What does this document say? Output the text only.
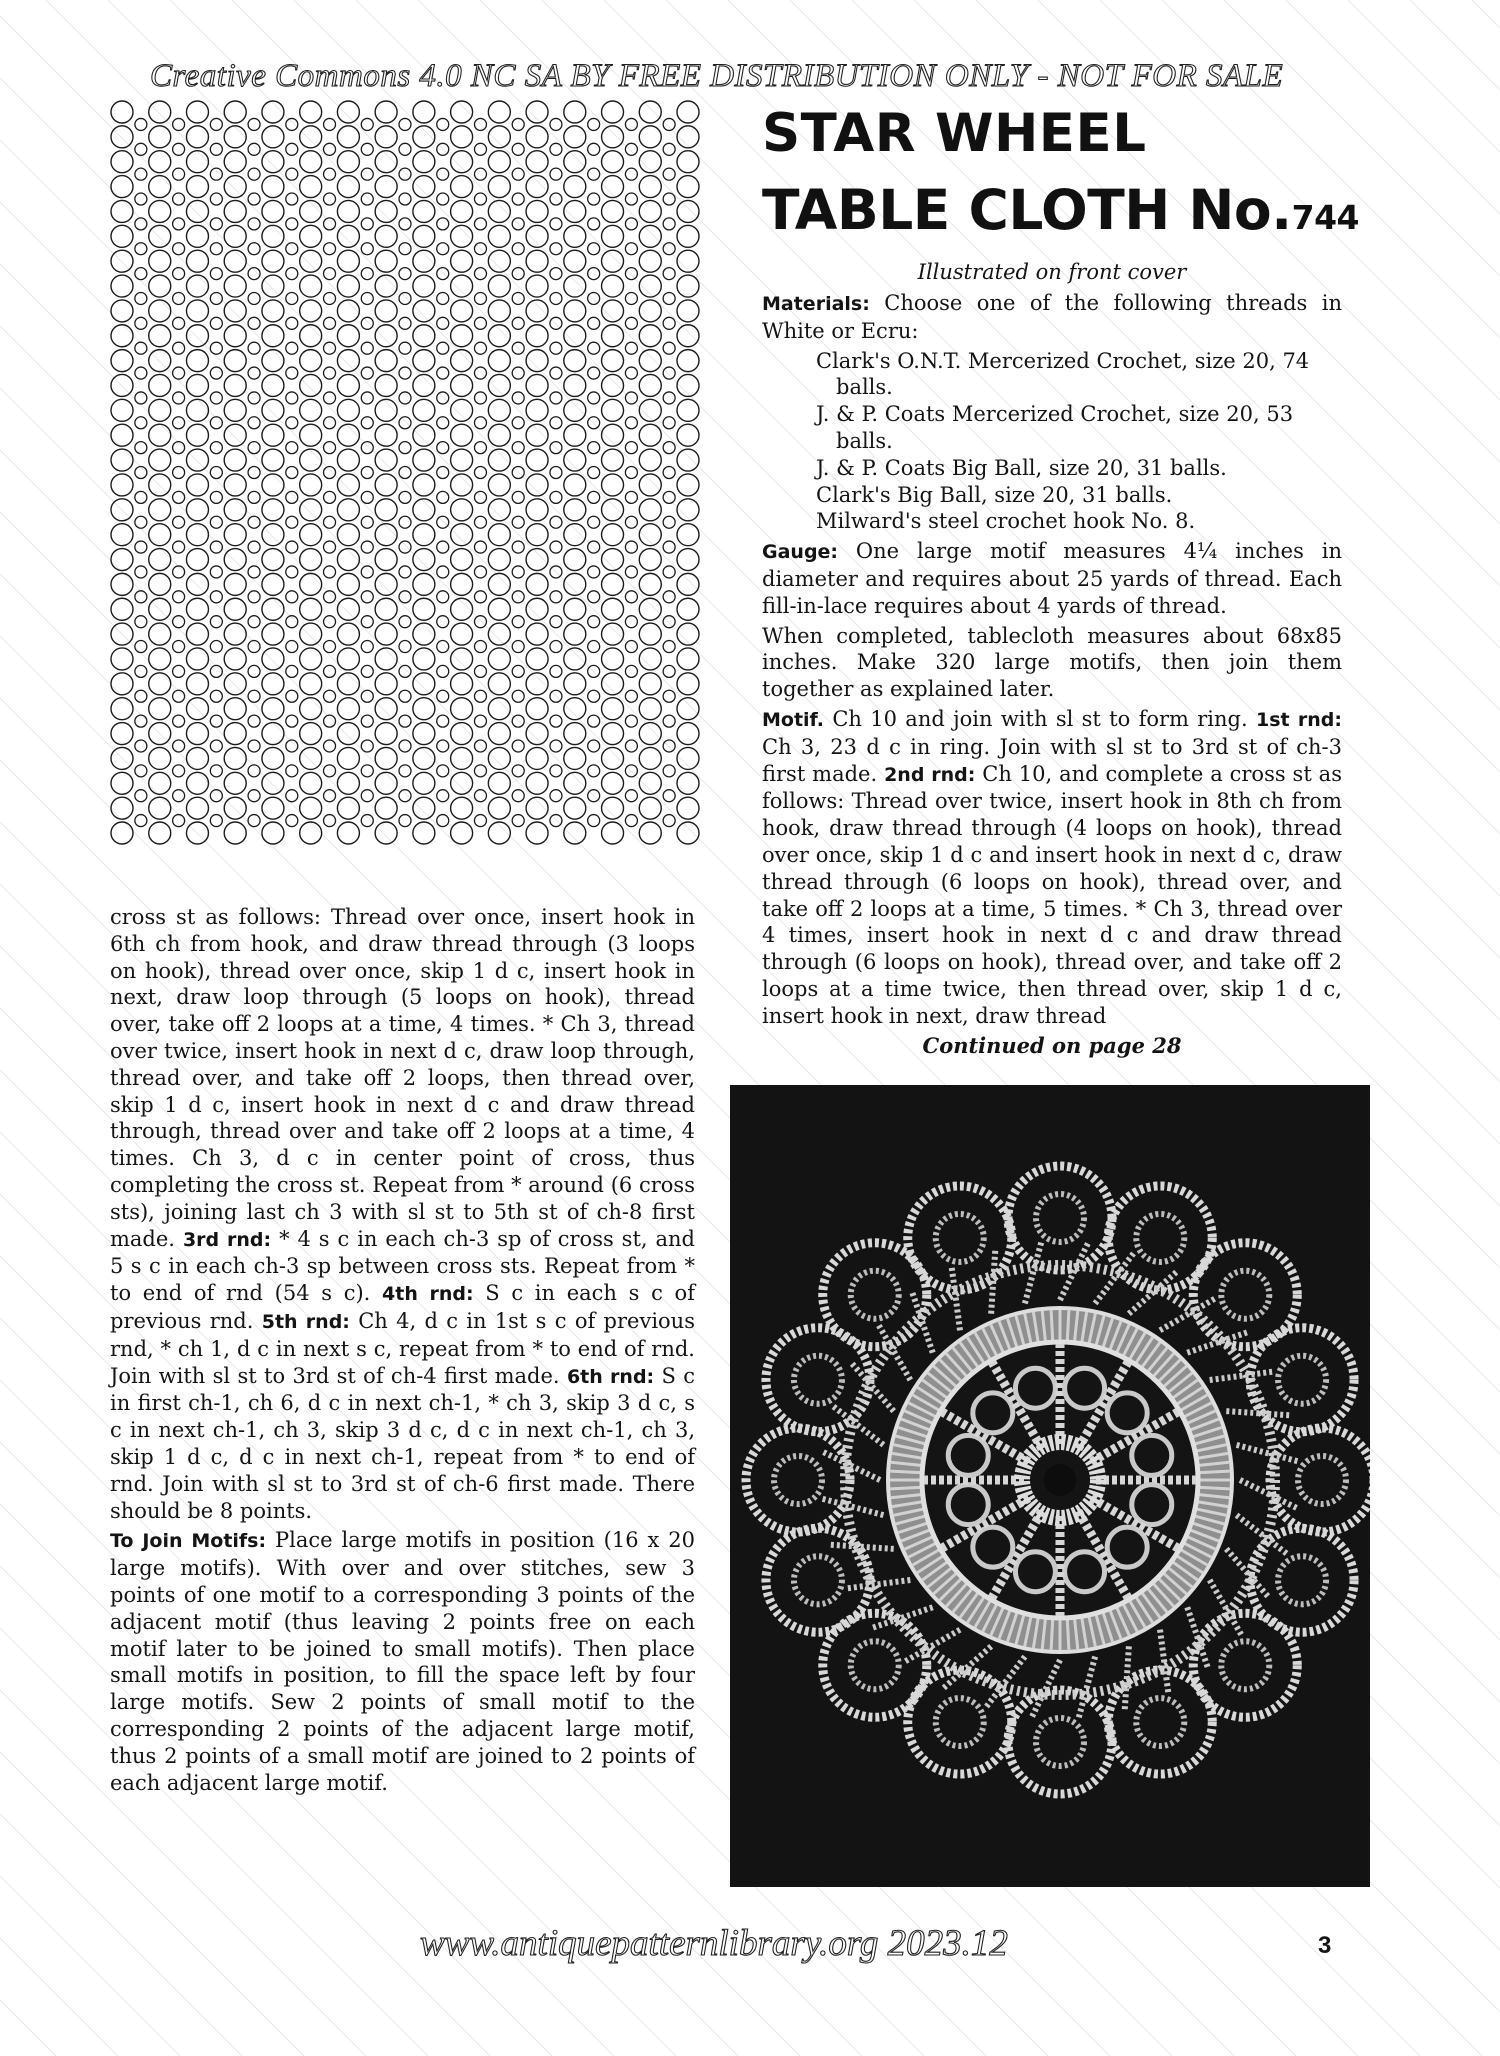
Creative Commons 4.0 NC SA BY FREE DISTRIBUTION ONLY - NOT FOR SALE
STAR WHEEL
TABLE CLOTH No.744
Illustrated on front cover

Materials: Choose one of the following threads in White or Ecru:

Clark's O.N.T. Mercerized Crochet, size 20, 74 balls.
J. & P. Coats Mercerized Crochet, size 20, 53 balls.
J. & P. Coats Big Ball, size 20, 31 balls.
Clark's Big Ball, size 20, 31 balls.
Milward's steel crochet hook No. 8.

Gauge: One large motif measures 4¼ inches in diameter and requires about 25 yards of thread. Each fill-in-lace requires about 4 yards of thread.

When completed, tablecloth measures about 68x85 inches. Make 320 large motifs, then join them together as explained later.

Motif. Ch 10 and join with sl st to form ring. 1st rnd: Ch 3, 23 d c in ring. Join with sl st to 3rd st of ch-3 first made. 2nd rnd: Ch 10, and complete a cross st as follows: Thread over twice, insert hook in 8th ch from hook, draw thread through (4 loops on hook), thread over once, skip 1 d c and insert hook in next d c, draw thread through (6 loops on hook), thread over, and take off 2 loops at a time, 5 times. * Ch 3, thread over 4 times, insert hook in next d c and draw thread through (6 loops on hook), thread over, and take off 2 loops at a time twice, then thread over, skip 1 d c, insert hook in next, draw thread

Continued on page 28

cross st as follows: Thread over once, insert hook in 6th ch from hook, and draw thread through (3 loops on hook), thread over once, skip 1 d c, insert hook in next, draw loop through (5 loops on hook), thread over, take off 2 loops at a time, 4 times. * Ch 3, thread over twice, insert hook in next d c, draw loop through, thread over, and take off 2 loops, then thread over, skip 1 d c, insert hook in next d c and draw thread through, thread over and take off 2 loops at a time, 4 times. Ch 3, d c in center point of cross, thus completing the cross st. Repeat from * around (6 cross sts), joining last ch 3 with sl st to 5th st of ch-8 first made. 3rd rnd: * 4 s c in each ch-3 sp of cross st, and 5 s c in each ch-3 sp between cross sts. Repeat from * to end of rnd (54 s c). 4th rnd: S c in each s c of previous rnd. 5th rnd: Ch 4, d c in 1st s c of previous rnd, * ch 1, d c in next s c, repeat from * to end of rnd. Join with sl st to 3rd st of ch-4 first made. 6th rnd: S c in first ch-1, ch 6, d c in next ch-1, * ch 3, skip 3 d c, s c in next ch-1, ch 3, skip 3 d c, d c in next ch-1, ch 3, skip 1 d c, d c in next ch-1, repeat from * to end of rnd. Join with sl st to 3rd st of ch-6 first made. There should be 8 points.

To Join Motifs: Place large motifs in position (16 x 20 large motifs). With over and over stitches, sew 3 points of one motif to a corresponding 3 points of the adjacent motif (thus leaving 2 points free on each motif later to be joined to small motifs). Then place small motifs in position, to fill the space left by four large motifs. Sew 2 points of small motif to the corresponding 2 points of the adjacent large motif, thus 2 points of a small motif are joined to 2 points of each adjacent large motif.

3
www.antiquepatternlibrary.org 2023.12
